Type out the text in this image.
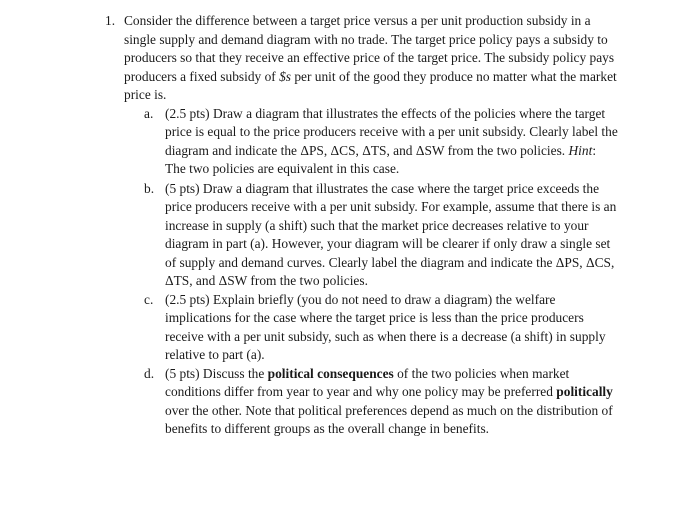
1. Consider the difference between a target price versus a per unit production subsidy in a single supply and demand diagram with no trade. The target price policy pays a subsidy to producers so that they receive an effective price of the target price. The subsidy policy pays producers a fixed subsidy of $s per unit of the good they produce no matter what the market price is.
a. (2.5 pts) Draw a diagram that illustrates the effects of the policies where the target price is equal to the price producers receive with a per unit subsidy. Clearly label the diagram and indicate the ΔPS, ΔCS, ΔTS, and ΔSW from the two policies. Hint: The two policies are equivalent in this case.
b. (5 pts) Draw a diagram that illustrates the case where the target price exceeds the price producers receive with a per unit subsidy. For example, assume that there is an increase in supply (a shift) such that the market price decreases relative to your diagram in part (a). However, your diagram will be clearer if only draw a single set of supply and demand curves. Clearly label the diagram and indicate the ΔPS, ΔCS, ΔTS, and ΔSW from the two policies.
c. (2.5 pts) Explain briefly (you do not need to draw a diagram) the welfare implications for the case where the target price is less than the price producers receive with a per unit subsidy, such as when there is a decrease (a shift) in supply relative to part (a).
d. (5 pts) Discuss the political consequences of the two policies when market conditions differ from year to year and why one policy may be preferred politically over the other. Note that political preferences depend as much on the distribution of benefits to different groups as the overall change in benefits.
